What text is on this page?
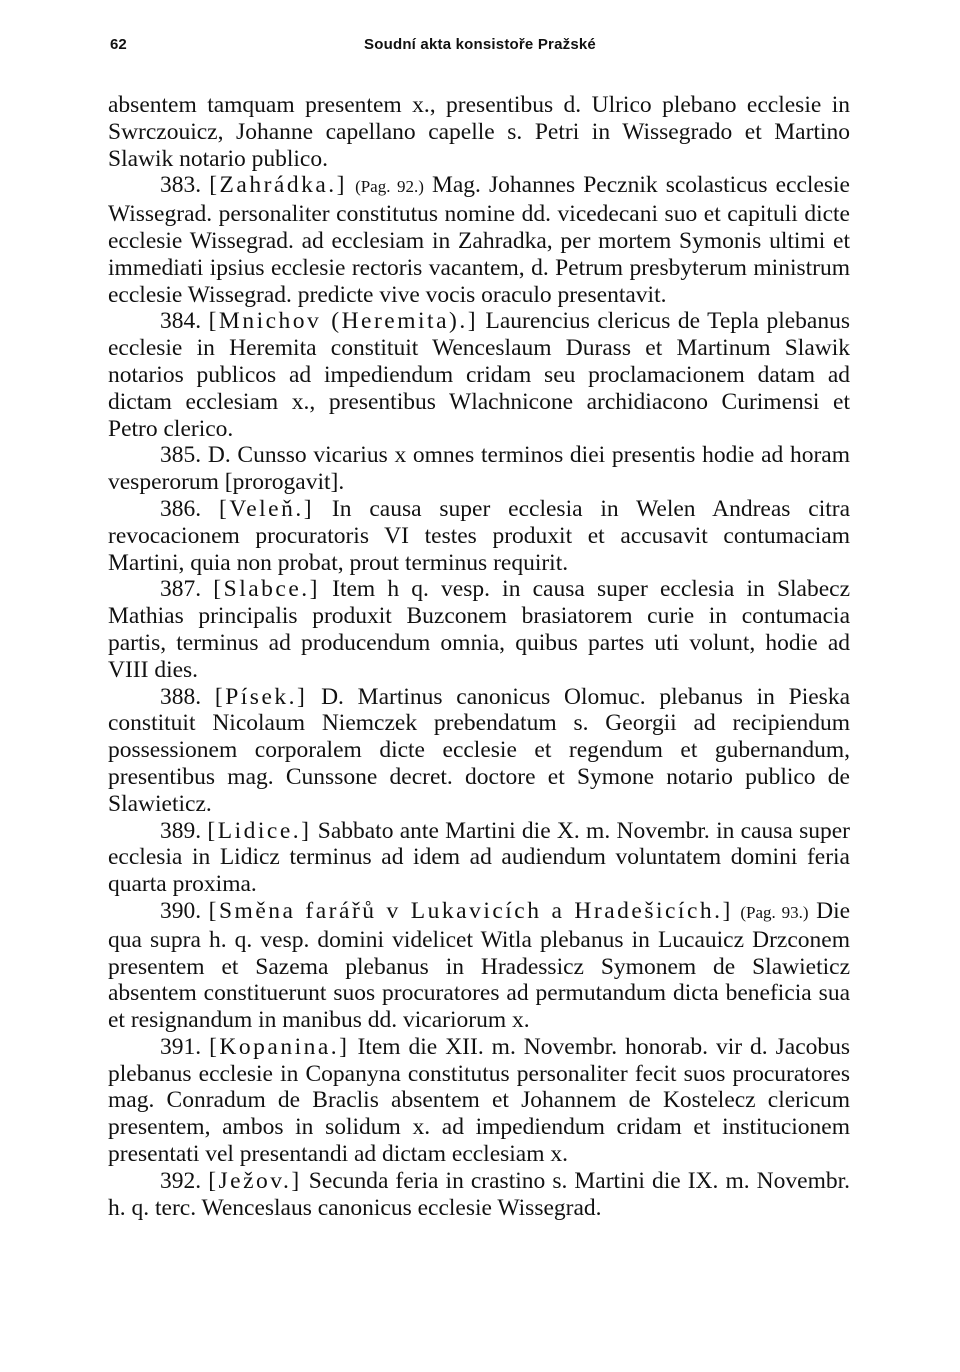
62	Soudní akta konsistoře Pražské

absentem tamquam presentem x., presentibus d. Ulrico plebano ecclesie in Swrczouicz, Johanne capellano capelle s. Petri in Wissegrado et Martino Slawik notario publico.

383. [Zahrádka.] (Pag. 92.) Mag. Johannes Pecznik scolasticus ecclesie Wissegrad. personaliter constitutus nomine dd. vicedecani suo et capituli dicte ecclesie Wissegrad. ad ecclesiam in Zahradka, per mortem Symonis ultimi et immediati ipsius ecclesie rectoris vacantem, d. Petrum presbyterum ministrum ecclesie Wissegrad. predicte vive vocis oraculo presentavit.

384. [Mnichov (Heremita).] Laurencius clericus de Tepla plebanus ecclesie in Heremita constituit Wenceslaum Durass et Martinum Slawik notarios publicos ad impediendum cridam seu proclamacionem datam ad dictam ecclesiam x., presentibus Wlachnicone archidiacono Curimensi et Petro clerico.

385. D. Cunsso vicarius x omnes terminos diei presentis hodie ad horam vesperorum [prorogavit].

386. [Veleň.] In causa super ecclesia in Welen Andreas citra revocacionem procuratoris VI testes produxit et accusavit contumaciam Martini, quia non probat, prout terminus requirit.

387. [Slabce.] Item h q. vesp. in causa super ecclesia in Slabecz Mathias principalis produxit Buzconem brasiatorem curie in contumacia partis, terminus ad producendum omnia, quibus partes uti volunt, hodie ad VIII dies.

388. [Písek.] D. Martinus canonicus Olomuc. plebanus in Pieska constituit Nicolaum Niemczek prebendatum s. Georgii ad recipiendum possessionem corporalem dicte ecclesie et regendum et gubernandum, presentibus mag. Cunssone decret. doctore et Symone notario publico de Slawieticz.

389. [Lidice.] Sabbato ante Martini die X. m. Novembr. in causa super ecclesia in Lidicz terminus ad idem ad audiendum voluntatem domini feria quarta proxima.

390. [Směna farářů v Lukavicích a Hradešicích.] (Pag. 93.) Die qua supra h. q. vesp. domini videlicet Witla plebanus in Lucauicz Drzconem presentem et Sazema plebanus in Hradessicz Symonem de Slawieticz absentem constituerunt suos procuratores ad permutandum dicta beneficia sua et resignandum in manibus dd. vicariorum x.

391. [Kopanina.] Item die XII. m. Novembr. honorab. vir d. Jacobus plebanus ecclesie in Copanyna constitutus personaliter fecit suos procuratores mag. Conradum de Braclis absentem et Johannem de Kostelecz clericum presentem, ambos in solidum x. ad impediendum cridam et institucionem presentati vel presentandi ad dictam ecclesiam x.

392. [Ježov.] Secunda feria in crastino s. Martini die IX. m. Novembr. h. q. terc. Wenceslaus canonicus ecclesie Wissegrad.
